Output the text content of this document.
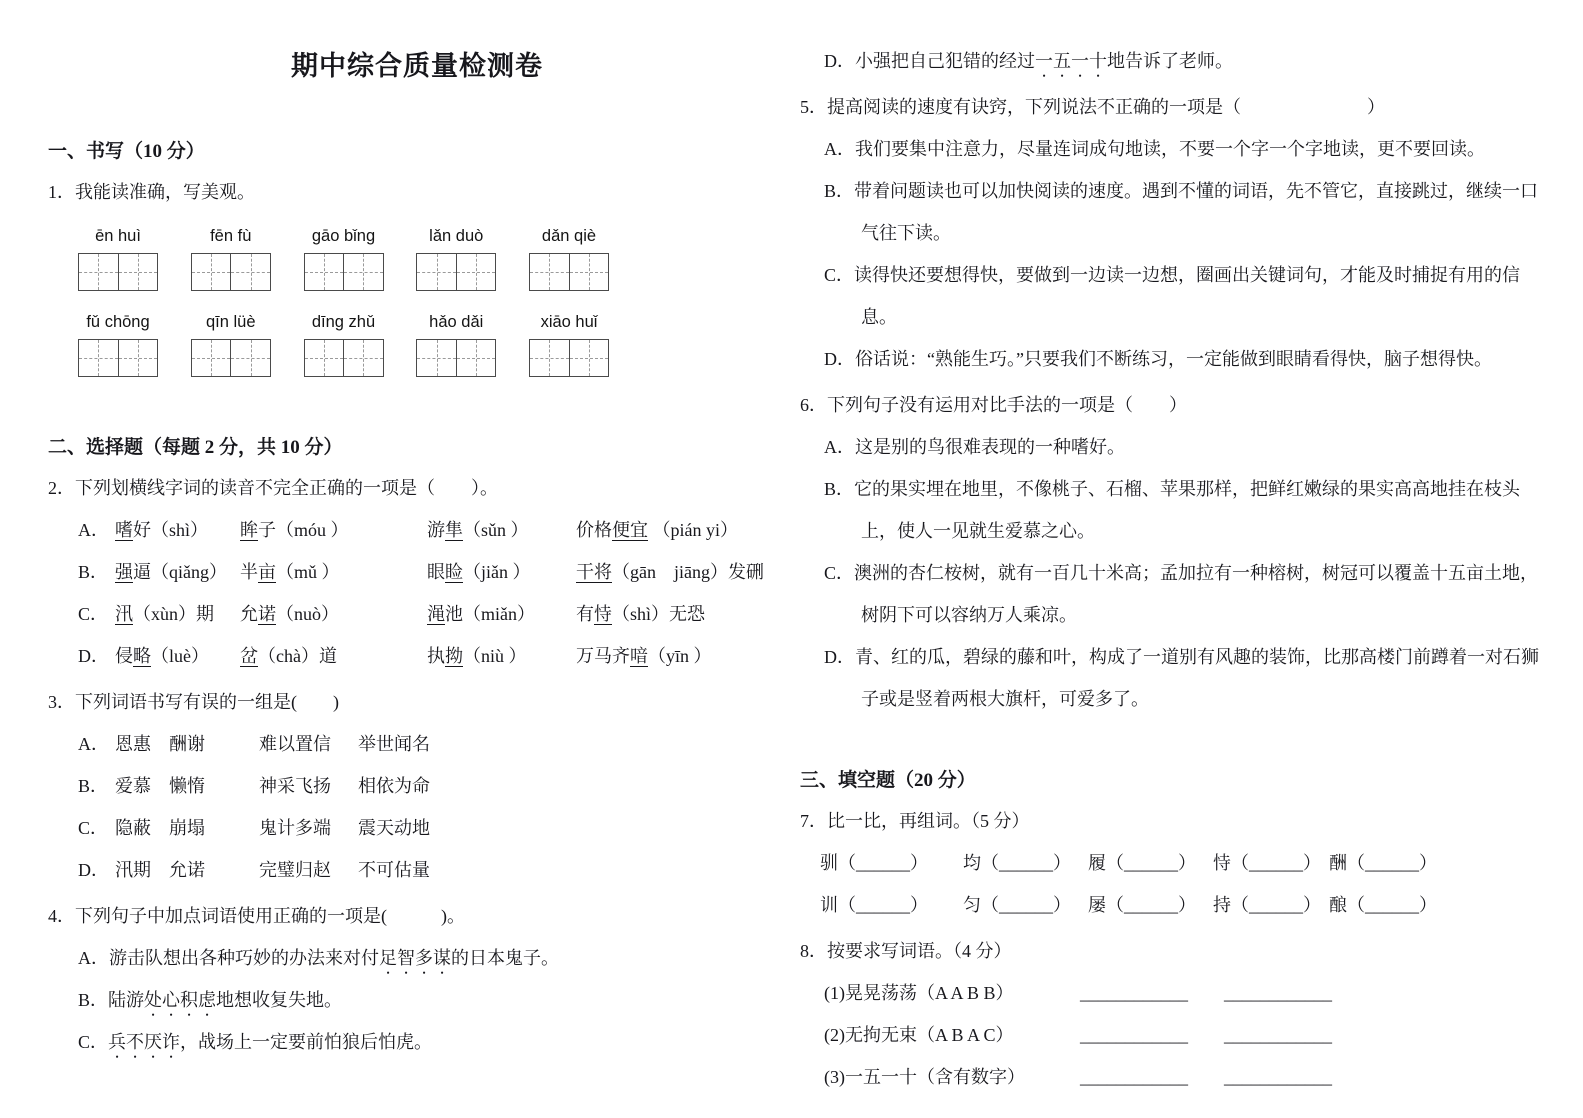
期中综合质量检测卷
一、书写（10 分）
1．我能读准确，写美观。
ēn huì	fēn fù	gāo bǐng	lǎn duò	dǎn qiè
fǔ chōng	qīn lüè	dīng zhǔ	hǎo dǎi	xiāo huǐ
二、选择题（每题 2 分，共 10 分）
2．下列划横线字词的读音不完全正确的一项是（　　）。
A． 嗜好（shì）	眸子（móu ）	游隼（sǔn ）	价格便宜 （pián yi）
B． 强逼（qiǎng） 半亩（mǔ ）	眼睑（jiǎn ）	干将（gān　jiāng）发硎
C． 汛（xùn）期	允诺（nuò）	渑池（miǎn）	有恃（shì）无恐
D． 侵略（luè）	岔（chà）道	执拗（niù ）	万马齐喑（yīn ）
3．下列词语书写有误的一组是(　　)
A． 恩惠	酬谢	难以置信	举世闻名
B． 爱慕	懒惰	神采飞扬	相依为命
C． 隐蔽	崩塌	鬼计多端	震天动地
D． 汛期	允诺	完璧归赵	不可估量
4．下列句子中加点词语使用正确的一项是(　　　)。
A．游击队想出各种巧妙的办法来对付足智多谋的日本鬼子。
B．陆游处心积虑地想收复失地。
C．兵不厌诈，战场上一定要前怕狼后怕虎。
D．小强把自己犯错的经过一五一十地告诉了老师。
5．提高阅读的速度有诀窍，下列说法不正确的一项是（　　　　　　　）
A．我们要集中注意力，尽量连词成句地读，不要一个字一个字地读，更不要回读。
B．带着问题读也可以加快阅读的速度。遇到不懂的词语，先不管它，直接跳过，继续一口气往下读。
C．读得快还要想得快，要做到一边读一边想，圈画出关键词句，才能及时捕捉有用的信息。
D．俗话说：“熟能生巧。”只要我们不断练习，一定能做到眼睛看得快，脑子想得快。
6．下列句子没有运用对比手法的一项是（　　）
A．这是别的鸟很难表现的一种嗜好。
B．它的果实埋在地里，不像桃子、石榴、苹果那样，把鲜红嫩绿的果实高高地挂在枝头上，使人一见就生爱慕之心。
C．澳洲的杏仁桉树，就有一百几十米高；孟加拉有一种榕树，树冠可以覆盖十五亩土地，树阴下可以容纳万人乘凉。
D．青、红的瓜，碧绿的藤和叶，构成了一道别有风趣的装饰，比那高楼门前蹲着一对石狮子或是竖着两根大旗杆，可爱多了。
三、填空题（20 分）
7．比一比，再组词。（5 分）
驯（______）	均（______） 履（______） 恃（______） 酬（______）
训（______）	匀（______） 屡（______） 持（______） 酿（______）
8．按要求写词语。（4 分）
(1)晃晃荡荡（A A B B）	____________ ____________
(2)无拘无束（A B A C）	____________ ____________
(3)一五一十（含有数字）	____________ ____________
